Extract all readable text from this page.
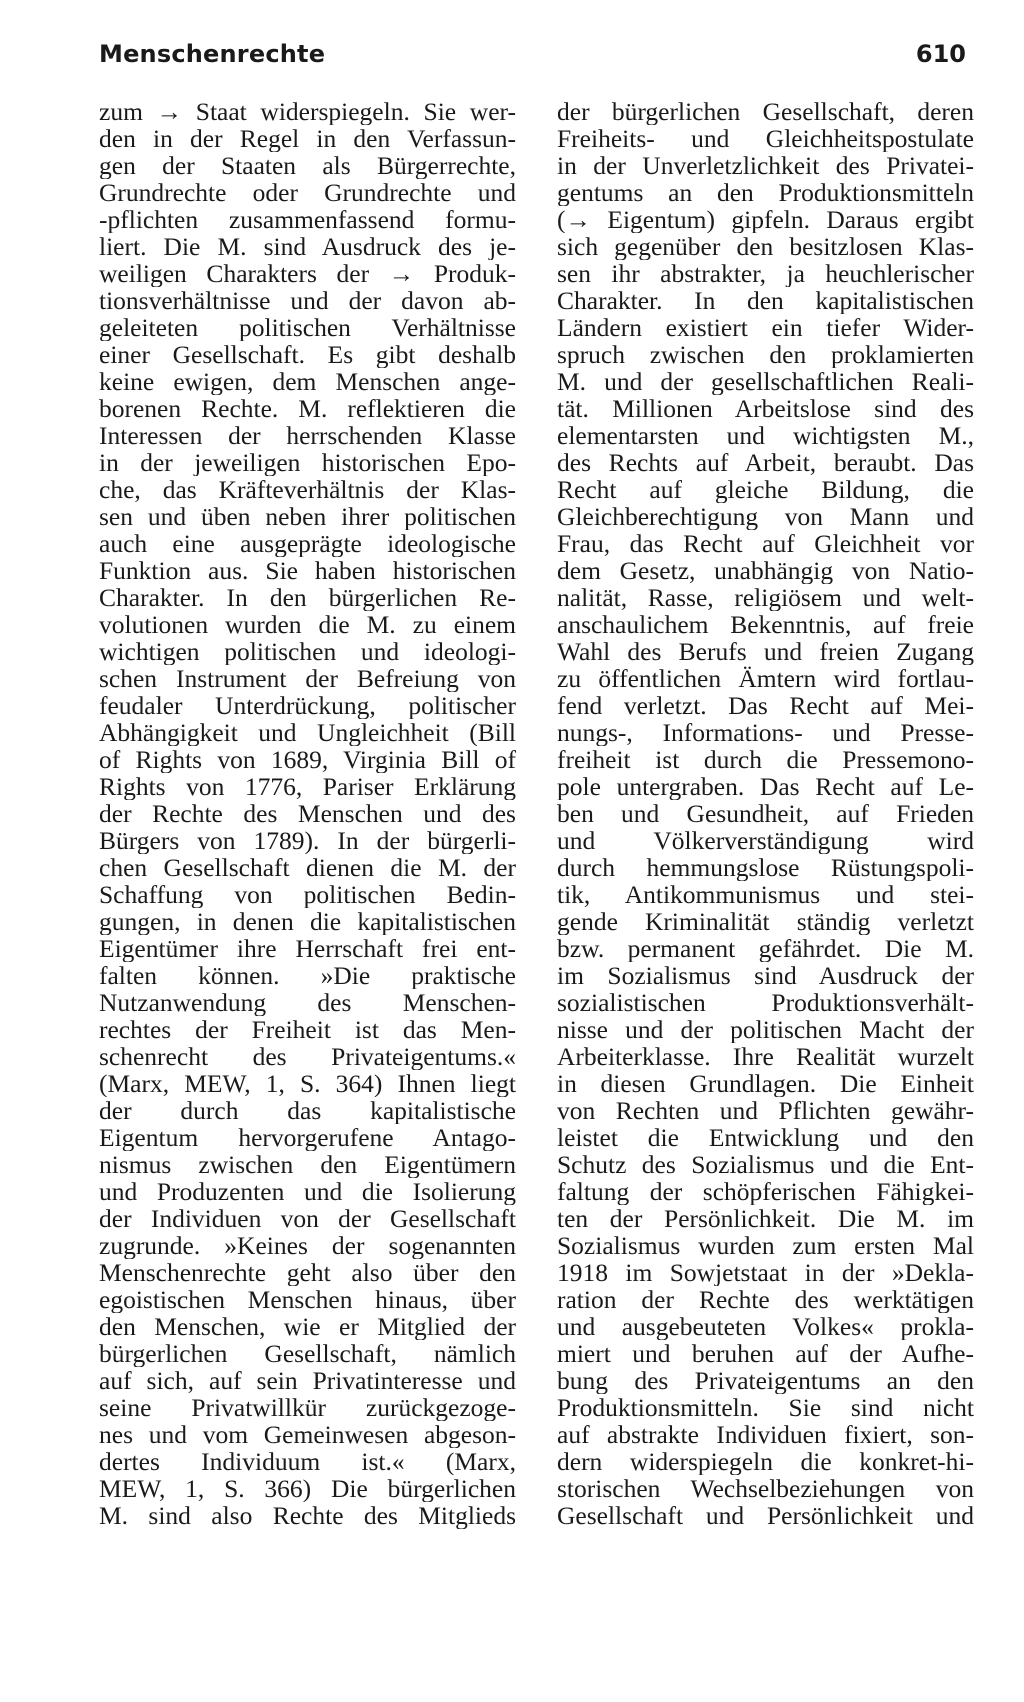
Menschenrechte	610
zum → Staat widerspiegeln. Sie wer-
den in der Regel in den Verfassun-
gen der Staaten als Bürgerrechte,
Grundrechte oder Grundrechte und
-pflichten zusammenfassend formu-
liert. Die M. sind Ausdruck des je-
weiligen Charakters der → Produk-
tionsverhältnisse und der davon ab-
geleiteten politischen Verhältnisse
einer Gesellschaft. Es gibt deshalb
keine ewigen, dem Menschen ange-
borenen Rechte. M. reflektieren die
Interessen der herrschenden Klasse
in der jeweiligen historischen Epo-
che, das Kräfteverhältnis der Klas-
sen und üben neben ihrer politischen
auch eine ausgeprägte ideologische
Funktion aus. Sie haben historischen
Charakter. In den bürgerlichen Re-
volutionen wurden die M. zu einem
wichtigen politischen und ideologi-
schen Instrument der Befreiung von
feudaler Unterdrückung, politischer
Abhängigkeit und Ungleichheit (Bill
of Rights von 1689, Virginia Bill of
Rights von 1776, Pariser Erklärung
der Rechte des Menschen und des
Bürgers von 1789). In der bürgerli-
chen Gesellschaft dienen die M. der
Schaffung von politischen Bedin-
gungen, in denen die kapitalistischen
Eigentümer ihre Herrschaft frei ent-
falten können. »Die praktische
Nutzanwendung des Menschen-
rechtes der Freiheit ist das Men-
schenrecht des Privateigentums.«
(Marx, MEW, 1, S. 364) Ihnen liegt
der durch das kapitalistische
Eigentum hervorgerufene Antago-
nismus zwischen den Eigentümern
und Produzenten und die Isolierung
der Individuen von der Gesellschaft
zugrunde. »Keines der sogenannten
Menschenrechte geht also über den
egoistischen Menschen hinaus, über
den Menschen, wie er Mitglied der
bürgerlichen Gesellschaft, nämlich
auf sich, auf sein Privatinteresse und
seine Privatwillkür zurückgezoge-
nes und vom Gemeinwesen abgeson-
dertes Individuum ist.« (Marx,
MEW, 1, S. 366) Die bürgerlichen
M. sind also Rechte des Mitglieds
der bürgerlichen Gesellschaft, deren
Freiheits- und Gleichheitspostulate
in der Unverletzlichkeit des Privatei-
gentums an den Produktionsmitteln
(→ Eigentum) gipfeln. Daraus ergibt
sich gegenüber den besitzlosen Klas-
sen ihr abstrakter, ja heuchlerischer
Charakter. In den kapitalistischen
Ländern existiert ein tiefer Wider-
spruch zwischen den proklamierten
M. und der gesellschaftlichen Reali-
tät. Millionen Arbeitslose sind des
elementarsten und wichtigsten M.,
des Rechts auf Arbeit, beraubt. Das
Recht auf gleiche Bildung, die
Gleichberechtigung von Mann und
Frau, das Recht auf Gleichheit vor
dem Gesetz, unabhängig von Natio-
nalität, Rasse, religiösem und welt-
anschaulichem Bekenntnis, auf freie
Wahl des Berufs und freien Zugang
zu öffentlichen Ämtern wird fortlau-
fend verletzt. Das Recht auf Mei-
nungs-, Informations- und Presse-
freiheit ist durch die Pressemono-
pole untergraben. Das Recht auf Le-
ben und Gesundheit, auf Frieden
und Völkerverständigung wird
durch hemmungslose Rüstungspoli-
tik, Antikommunismus und stei-
gende Kriminalität ständig verletzt
bzw. permanent gefährdet. Die M.
im Sozialismus sind Ausdruck der
sozialistischen Produktionsverhält-
nisse und der politischen Macht der
Arbeiterklasse. Ihre Realität wurzelt
in diesen Grundlagen. Die Einheit
von Rechten und Pflichten gewähr-
leistet die Entwicklung und den
Schutz des Sozialismus und die Ent-
faltung der schöpferischen Fähigkei-
ten der Persönlichkeit. Die M. im
Sozialismus wurden zum ersten Mal
1918 im Sowjetstaat in der »Dekla-
ration der Rechte des werktätigen
und ausgebeuteten Volkes« prokla-
miert und beruhen auf der Aufhe-
bung des Privateigentums an den
Produktionsmitteln. Sie sind nicht
auf abstrakte Individuen fixiert, son-
dern widerspiegeln die konkret-hi-
storischen Wechselbeziehungen von
Gesellschaft und Persönlichkeit und
